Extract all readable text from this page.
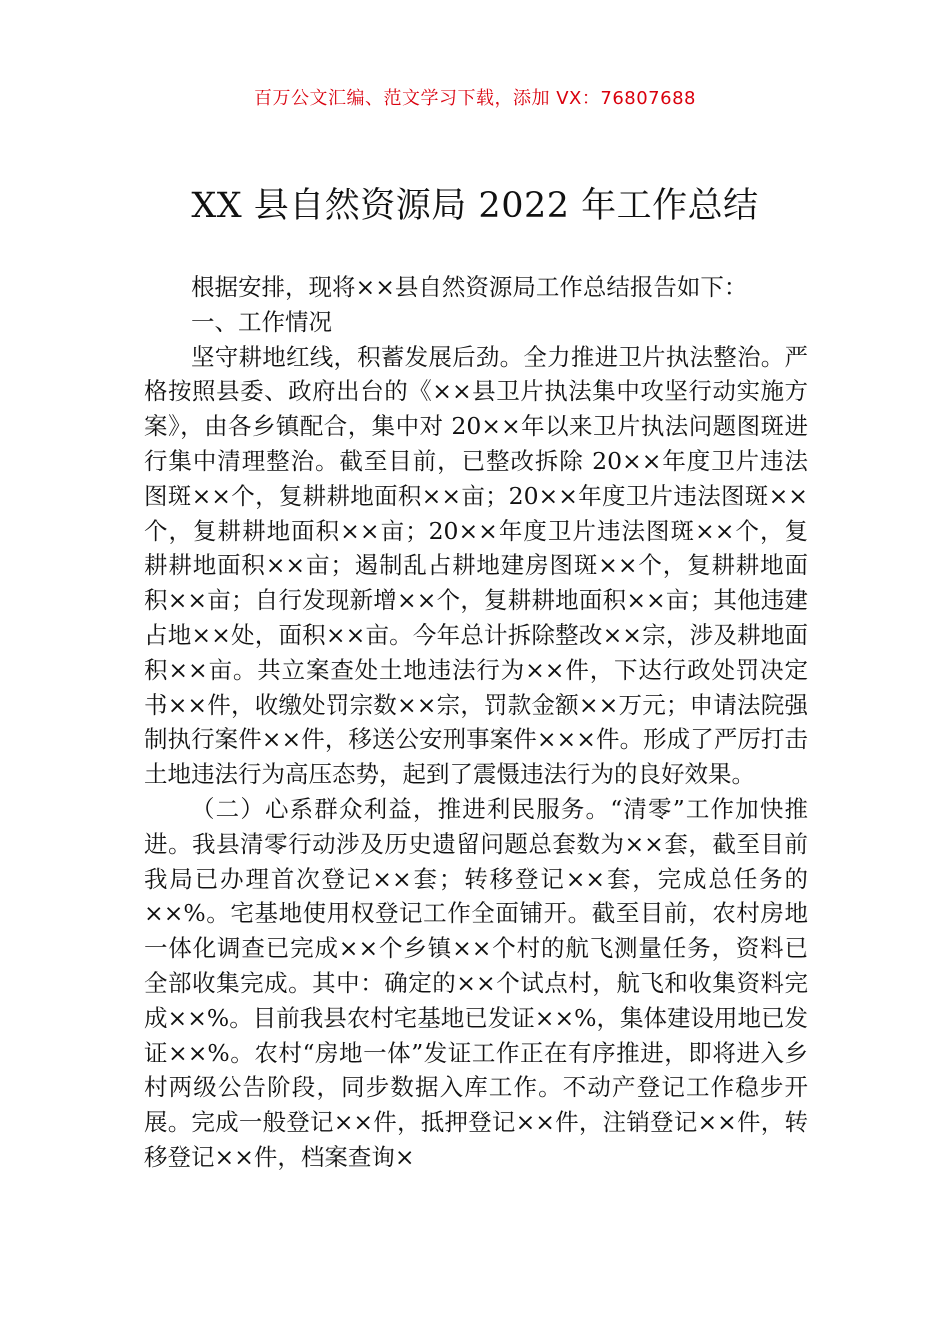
百万公文汇编、范文学习下载，添加 VX：76807688
XX 县自然资源局 2022 年工作总结

根据安排，现将××县自然资源局工作总结报告如下：

一、工作情况

坚守耕地红线，积蓄发展后劲。全力推进卫片执法整治。严格按照县委、政府出台的《××县卫片执法集中攻坚行动实施方案》，由各乡镇配合，集中对 20××年以来卫片执法问题图斑进行集中清理整治。截至目前，已整改拆除 20××年度卫片违法图斑××个，复耕耕地面积××亩；20××年度卫片违法图斑××个，复耕耕地面积××亩；20××年度卫片违法图斑××个，复耕耕地面积××亩；遏制乱占耕地建房图斑××个，复耕耕地面积××亩；自行发现新增××个，复耕耕地面积××亩；其他违建占地××处，面积××亩。今年总计拆除整改××宗，涉及耕地面积××亩。共立案查处土地违法行为××件，下达行政处罚决定书××件，收缴处罚宗数××宗，罚款金额××万元；申请法院强制执行案件××件，移送公安刑事案件×××件。形成了严厉打击土地违法行为高压态势，起到了震慑违法行为的良好效果。

（二）心系群众利益，推进利民服务。“清零”工作加快推进。我县清零行动涉及历史遗留问题总套数为××套，截至目前我局已办理首次登记××套；转移登记××套，完成总任务的××%。宅基地使用权登记工作全面铺开。截至目前，农村房地一体化调查已完成××个乡镇××个村的航飞测量任务，资料已全部收集完成。其中：确定的××个试点村，航飞和收集资料完成××%。目前我县农村宅基地已发证××%，集体建设用地已发证××%。农村“房地一体”发证工作正在有序推进，即将进入乡村两级公告阶段，同步数据入库工作。不动产登记工作稳步开展。完成一般登记××件，抵押登记××件，注销登记××件，转移登记××件，档案查询×
